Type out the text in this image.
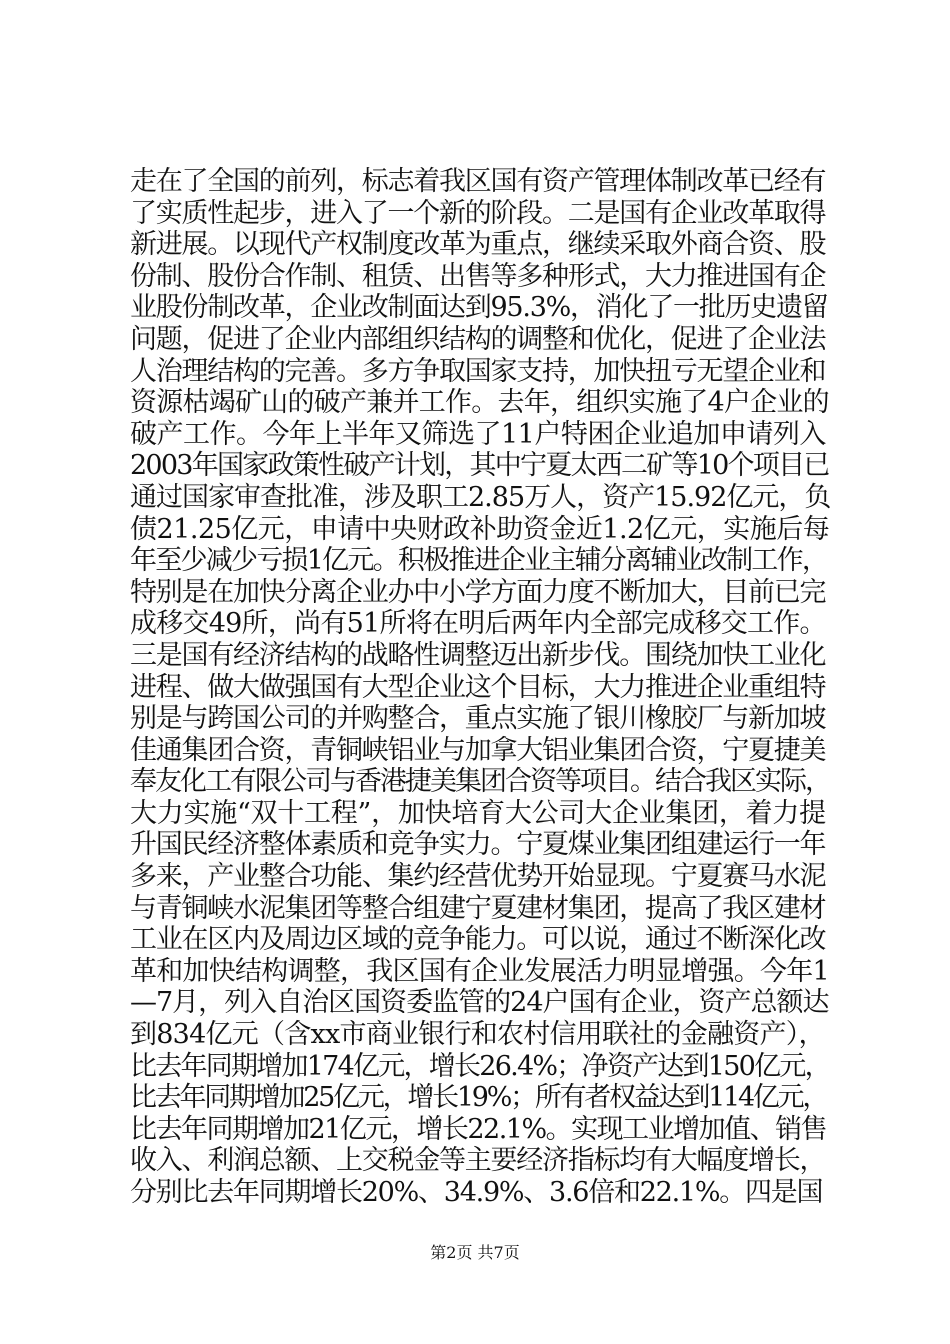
走在了全国的前列，标志着我区国有资产管理体制改革已经有
了实质性起步，进入了一个新的阶段。二是国有企业改革取得
新进展。以现代产权制度改革为重点，继续采取外商合资、股
份制、股份合作制、租赁、出售等多种形式，大力推进国有企
业股份制改革，企业改制面达到95.3%，消化了一批历史遗留
问题，促进了企业内部组织结构的调整和优化，促进了企业法
人治理结构的完善。多方争取国家支持，加快扭亏无望企业和
资源枯竭矿山的破产兼并工作。去年，组织实施了4户企业的
破产工作。今年上半年又筛选了11户特困企业追加申请列入
2003年国家政策性破产计划，其中宁夏太西二矿等10个项目已
通过国家审查批准，涉及职工2.85万人，资产15.92亿元，负
债21.25亿元，申请中央财政补助资金近1.2亿元，实施后每
年至少减少亏损1亿元。积极推进企业主辅分离辅业改制工作，
特别是在加快分离企业办中小学方面力度不断加大，目前已完
成移交49所，尚有51所将在明后两年内全部完成移交工作。
三是国有经济结构的战略性调整迈出新步伐。围绕加快工业化
进程、做大做强国有大型企业这个目标，大力推进企业重组特
别是与跨国公司的并购整合，重点实施了银川橡胶厂与新加坡
佳通集团合资，青铜峡铝业与加拿大铝业集团合资，宁夏捷美
奉友化工有限公司与香港捷美集团合资等项目。结合我区实际，
大力实施“双十工程”，加快培育大公司大企业集团，着力提
升国民经济整体素质和竞争实力。宁夏煤业集团组建运行一年
多来，产业整合功能、集约经营优势开始显现。宁夏赛马水泥
与青铜峡水泥集团等整合组建宁夏建材集团，提高了我区建材
工业在区内及周边区域的竞争能力。可以说，通过不断深化改
革和加快结构调整，我区国有企业发展活力明显增强。今年1
—7月，列入自治区国资委监管的24户国有企业，资产总额达
到834亿元（含xx市商业银行和农村信用联社的金融资产），
比去年同期增加174亿元，增长26.4%；净资产达到150亿元，
比去年同期增加25亿元，增长19%；所有者权益达到114亿元，
比去年同期增加21亿元，增长22.1%。实现工业增加值、销售
收入、利润总额、上交税金等主要经济指标均有大幅度增长，
分别比去年同期增长20%、34.9%、3.6倍和22.1%。四是国
第2页 共7页
